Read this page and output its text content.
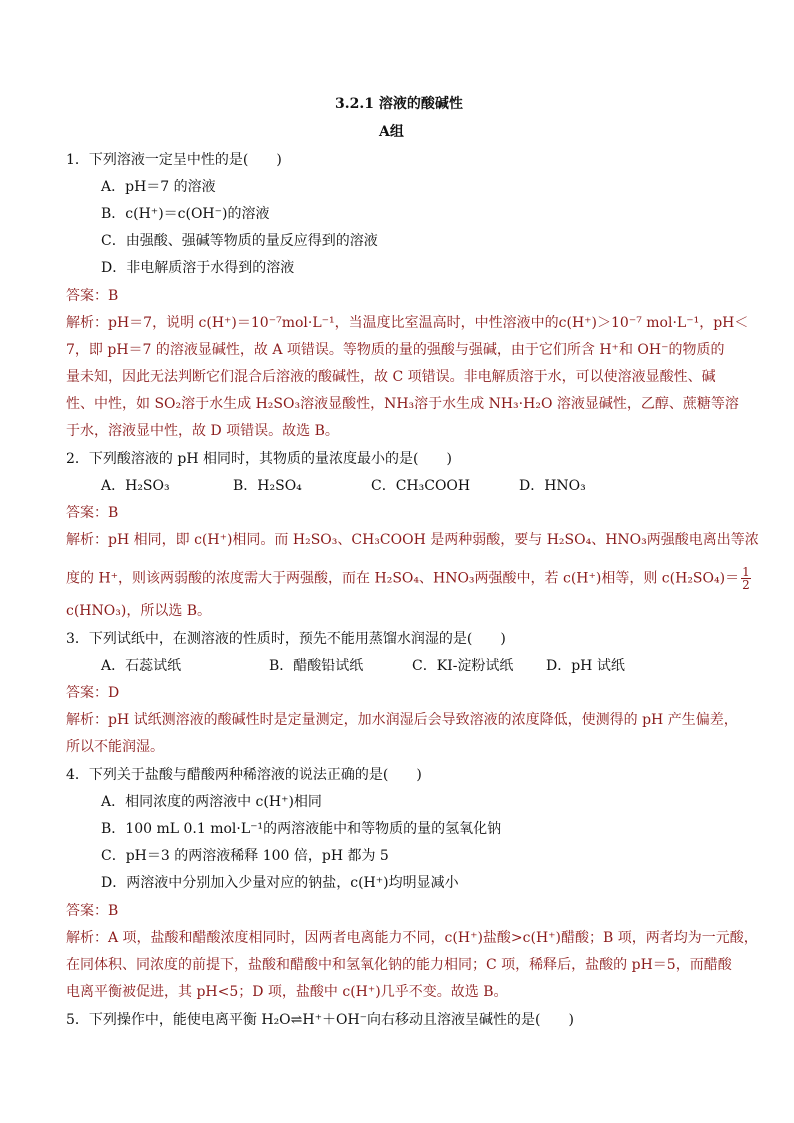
3.2.1 溶液的酸碱性
A组
1．下列溶液一定呈中性的是(　　)
A．pH＝7 的溶液
B．c(H⁺)＝c(OH⁻)的溶液
C．由强酸、强碱等物质的量反应得到的溶液
D．非电解质溶于水得到的溶液
答案：B
解析：pH＝7，说明 c(H⁺)＝10⁻⁷mol·L⁻¹，当温度比室温高时，中性溶液中的c(H⁺)＞10⁻⁷ mol·L⁻¹，pH＜
7，即 pH＝7 的溶液显碱性，故 A 项错误。等物质的量的强酸与强碱，由于它们所含 H⁺和 OH⁻的物质的
量未知，因此无法判断它们混合后溶液的酸碱性，故 C 项错误。非电解质溶于水，可以使溶液显酸性、碱
性、中性，如 SO₂溶于水生成 H₂SO₃溶液显酸性，NH₃溶于水生成 NH₃·H₂O 溶液显碱性，乙醇、蔗糖等溶
于水，溶液显中性，故 D 项错误。故选 B。
2．下列酸溶液的 pH 相同时，其物质的量浓度最小的是(　　)
A．H₂SO₃	B．H₂SO₄	C．CH₃COOH	D．HNO₃
答案：B
解析：pH 相同，即 c(H⁺)相同。而 H₂SO₃、CH₃COOH 是两种弱酸，要与 H₂SO₄、HNO₃两强酸电离出等浓
度的 H⁺，则该两弱酸的浓度需大于两强酸，而在 H₂SO₄、HNO₃两强酸中，若 c(H⁺)相等，则 $c(H_2SO_4)= \frac{1}{2}$
c(HNO₃)，所以选 B。
3．下列试纸中，在测溶液的性质时，预先不能用蒸馏水润湿的是(　　)
A．石蕊试纸	B．醋酸铅试纸	C．KI-淀粉试纸 D．pH 试纸
答案：D
解析：pH 试纸测溶液的酸碱性时是定量测定，加水润湿后会导致溶液的浓度降低，使测得的 pH 产生偏差，
所以不能润湿。
4．下列关于盐酸与醋酸两种稀溶液的说法正确的是(　　)
A．相同浓度的两溶液中 c(H⁺)相同
B．100 mL 0.1 mol·L⁻¹的两溶液能中和等物质的量的氢氧化钠
C．pH＝3 的两溶液稀释 100 倍，pH 都为 5
D．两溶液中分别加入少量对应的钠盐，c(H⁺)均明显减小
答案：B
解析：A 项，盐酸和醋酸浓度相同时，因两者电离能力不同，c(H⁺)盐酸>c(H⁺)醋酸；B 项，两者均为一元酸，
在同体积、同浓度的前提下，盐酸和醋酸中和氢氧化钠的能力相同；C 项，稀释后，盐酸的 pH＝5，而醋酸
电离平衡被促进，其 pH<5；D 项，盐酸中 c(H⁺)几乎不变。故选 B。
5．下列操作中，能使电离平衡 H₂O⇌H⁺＋OH⁻向右移动且溶液呈碱性的是(　　)
